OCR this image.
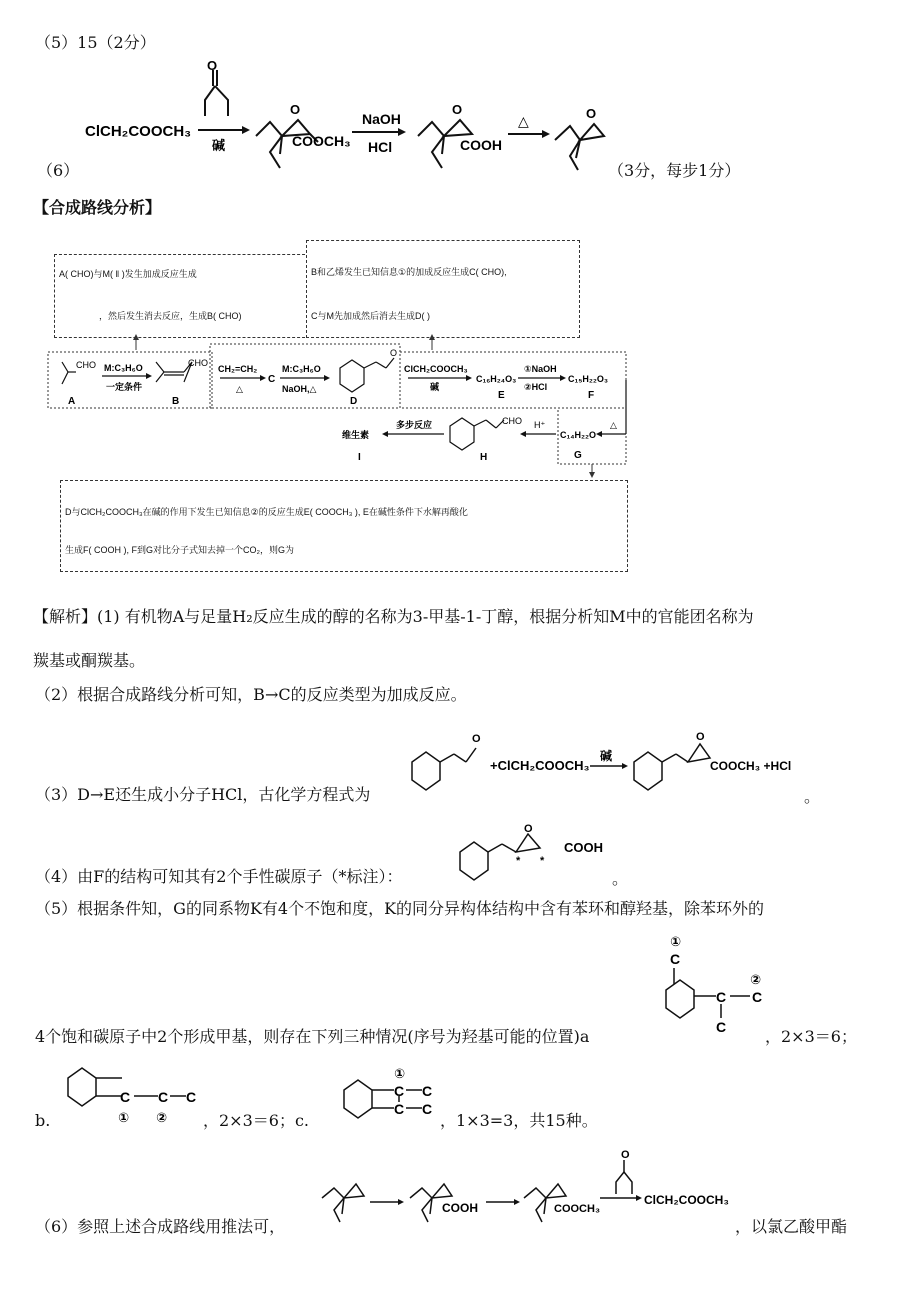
（5）15（2分）
（6）
ClCH₂COOCH₃
O
碱
O
COOCH₃
NaOH
HCl
O
COOH
△	O
（3分，每步1分）
【合成路线分析】
A( CHO)与M( ‖ )发生加成反应生成
，然后发生消去反应，生成B( CHO)
B和乙烯发生已知信息①的加成反应生成C( CHO),
C与M先加成然后消去生成D( )
CHO
A
M:C₃H₆O
一定条件
CHO
B
CH₂=CH₂
△
C
M:C₃H₆O
NaOH,△
O
D
ClCH₂COOCH₃
碱
C₁₆H₂₄O₃
E
①NaOH
②HCl
C₁₅H₂₂O₃
F
△
C₁₄H₂₂O
G
H⁺
CHO
H
多步反应
维生素
I
D与ClCH₂COOCH₃在碱的作用下发生已知信息②的反应生成E( COOCH₃ ), E在碱性条件下水解再酸化
生成F( COOH ), F到G对比分子式知去掉一个CO₂，则G为
【解析】(1) 有机物A与足量H₂反应生成的醇的名称为3-甲基-1-丁醇，根据分析知M中的官能团名称为
羰基或酮羰基。
（2）根据合成路线分析可知，B→C的反应类型为加成反应。
O
+ClCH₂COOCH₃
碱
O
COOCH₃ +HCl
（3）D→E还生成小分子HCl，古化学方程式为	。
O
* *
COOH
（4）由F的结构可知其有2个手性碳原子（*标注）：	。
（5）根据条件知，G的同系物K有4个不饱和度，K的同分异构体结构中含有苯环和醇羟基，除苯环外的
①
C
C C
②
C
4个饱和碳原子中2个形成甲基，则存在下列三种情况(序号为羟基可能的位置)a	，2×3＝6；
b.
C C C
① ② ，2×3＝6；c.
①
C C
C C
，1×3=3，共15种。
COOH	COOCH₃
O
ClCH₂COOCH₃
（6）参照上述合成路线用推法可，	，以氯乙酸甲酯
